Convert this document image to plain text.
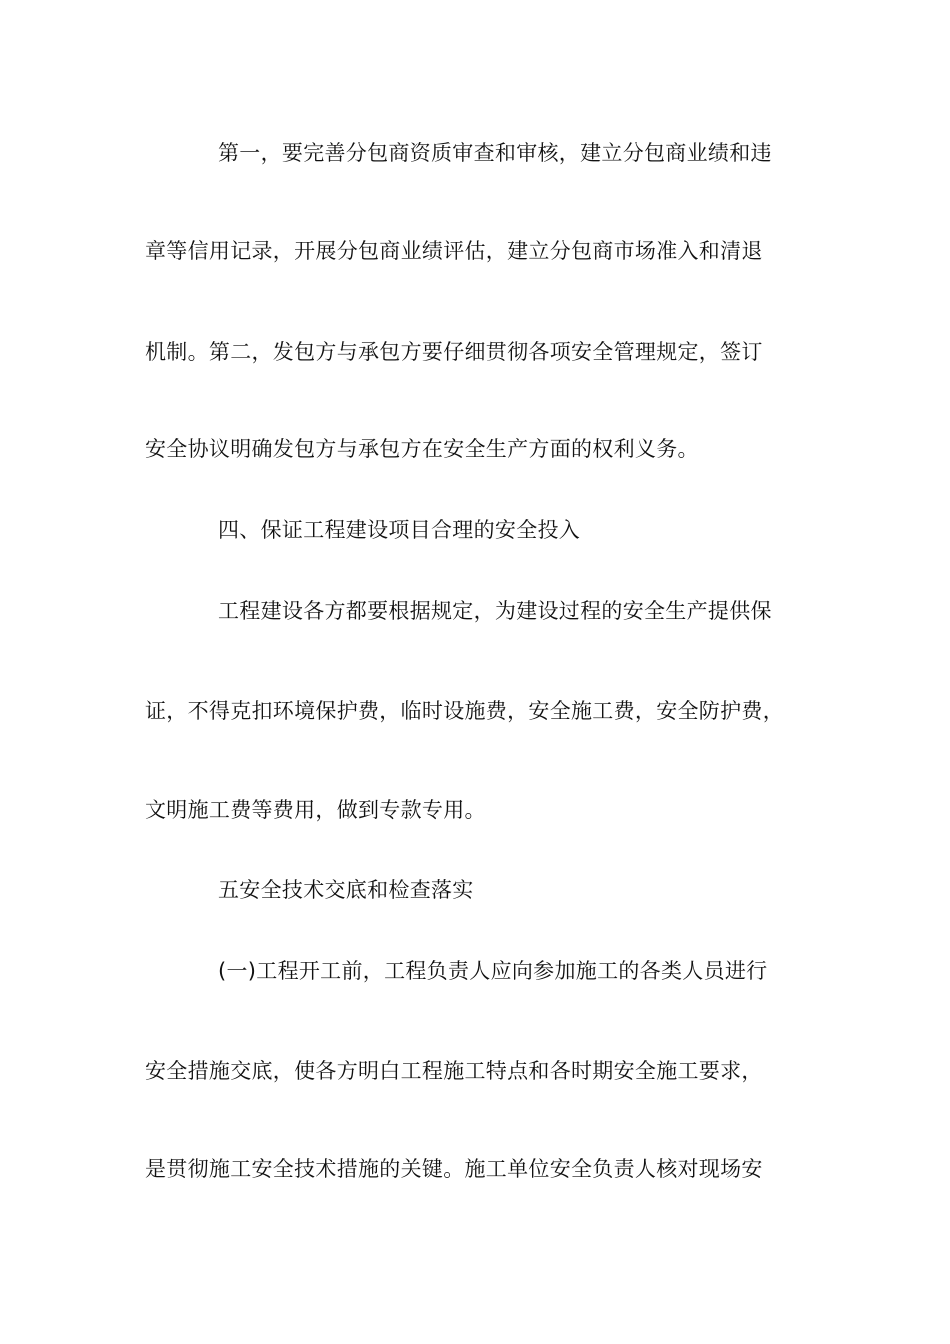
第一，要完善分包商资质审查和审核，建立分包商业绩和违
章等信用记录，开展分包商业绩评估，建立分包商市场准入和清退
机制。第二，发包方与承包方要仔细贯彻各项安全管理规定，签订
安全协议明确发包方与承包方在安全生产方面的权利义务。
四、保证工程建设项目合理的安全投入
工程建设各方都要根据规定，为建设过程的安全生产提供保
证，不得克扣环境保护费，临时设施费，安全施工费，安全防护费，
文明施工费等费用，做到专款专用。
五安全技术交底和检查落实
(一)工程开工前，工程负责人应向参加施工的各类人员进行
安全措施交底，使各方明白工程施工特点和各时期安全施工要求，
是贯彻施工安全技术措施的关键。施工单位安全负责人核对现场安
